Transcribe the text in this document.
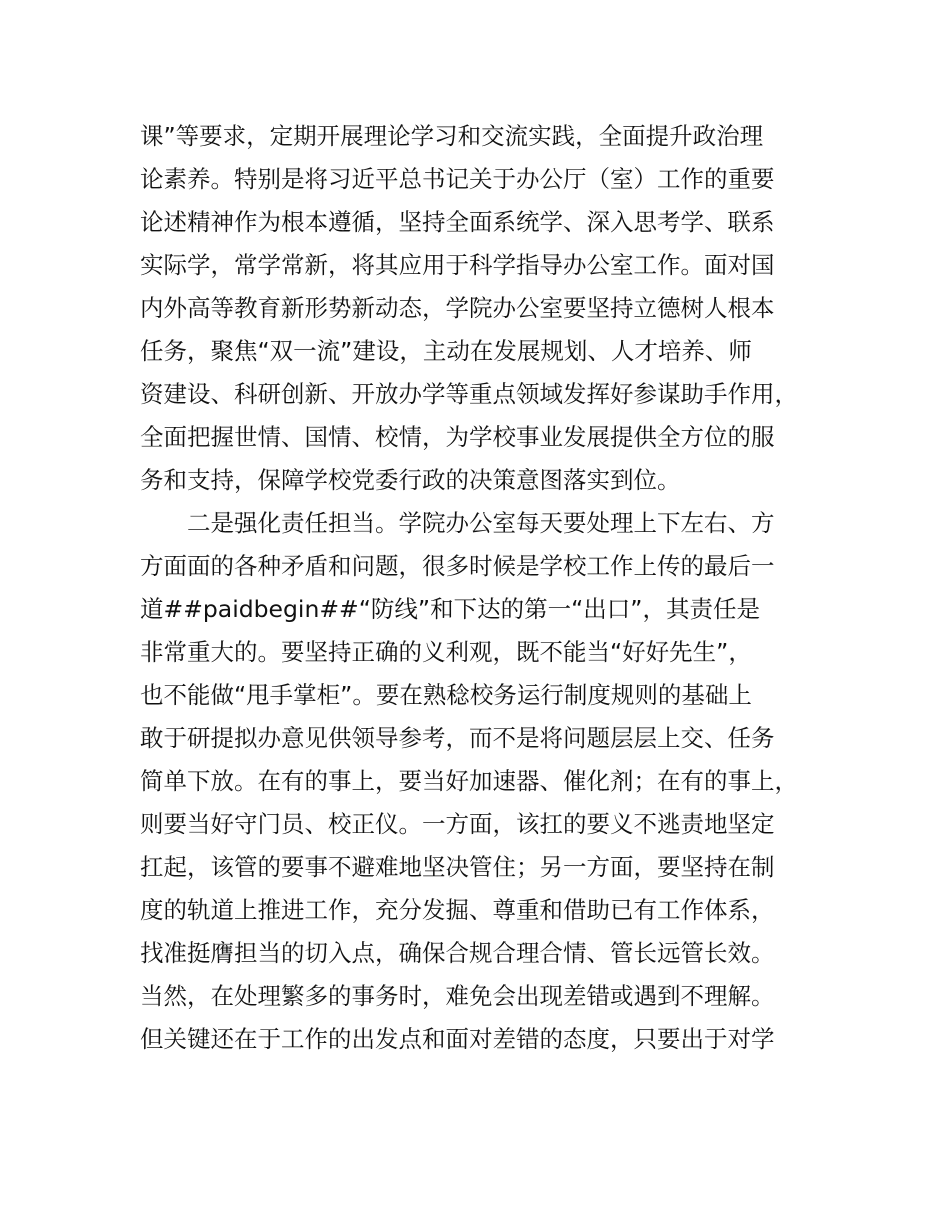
课”等要求，定期开展理论学习和交流实践，全面提升政治理
论素养。特别是将习近平总书记关于办公厅（室）工作的重要
论述精神作为根本遵循，坚持全面系统学、深入思考学、联系
实际学，常学常新，将其应用于科学指导办公室工作。面对国
内外高等教育新形势新动态，学院办公室要坚持立德树人根本
任务，聚焦“双一流”建设，主动在发展规划、人才培养、师
资建设、科研创新、开放办学等重点领域发挥好参谋助手作用，
全面把握世情、国情、校情，为学校事业发展提供全方位的服
务和支持，保障学校党委行政的决策意图落实到位。
　　二是强化责任担当。学院办公室每天要处理上下左右、方
方面面的各种矛盾和问题，很多时候是学校工作上传的最后一
道##paidbegin##“防线”和下达的第一“出口”，其责任是
非常重大的。要坚持正确的义利观，既不能当“好好先生”，
也不能做“甩手掌柜”。要在熟稔校务运行制度规则的基础上
敢于研提拟办意见供领导参考，而不是将问题层层上交、任务
简单下放。在有的事上，要当好加速器、催化剂；在有的事上，
则要当好守门员、校正仪。一方面，该扛的要义不逃责地坚定
扛起，该管的要事不避难地坚决管住；另一方面，要坚持在制
度的轨道上推进工作，充分发掘、尊重和借助已有工作体系，
找准挺膺担当的切入点，确保合规合理合情、管长远管长效。
当然，在处理繁多的事务时，难免会出现差错或遇到不理解。
但关键还在于工作的出发点和面对差错的态度，只要出于对学
